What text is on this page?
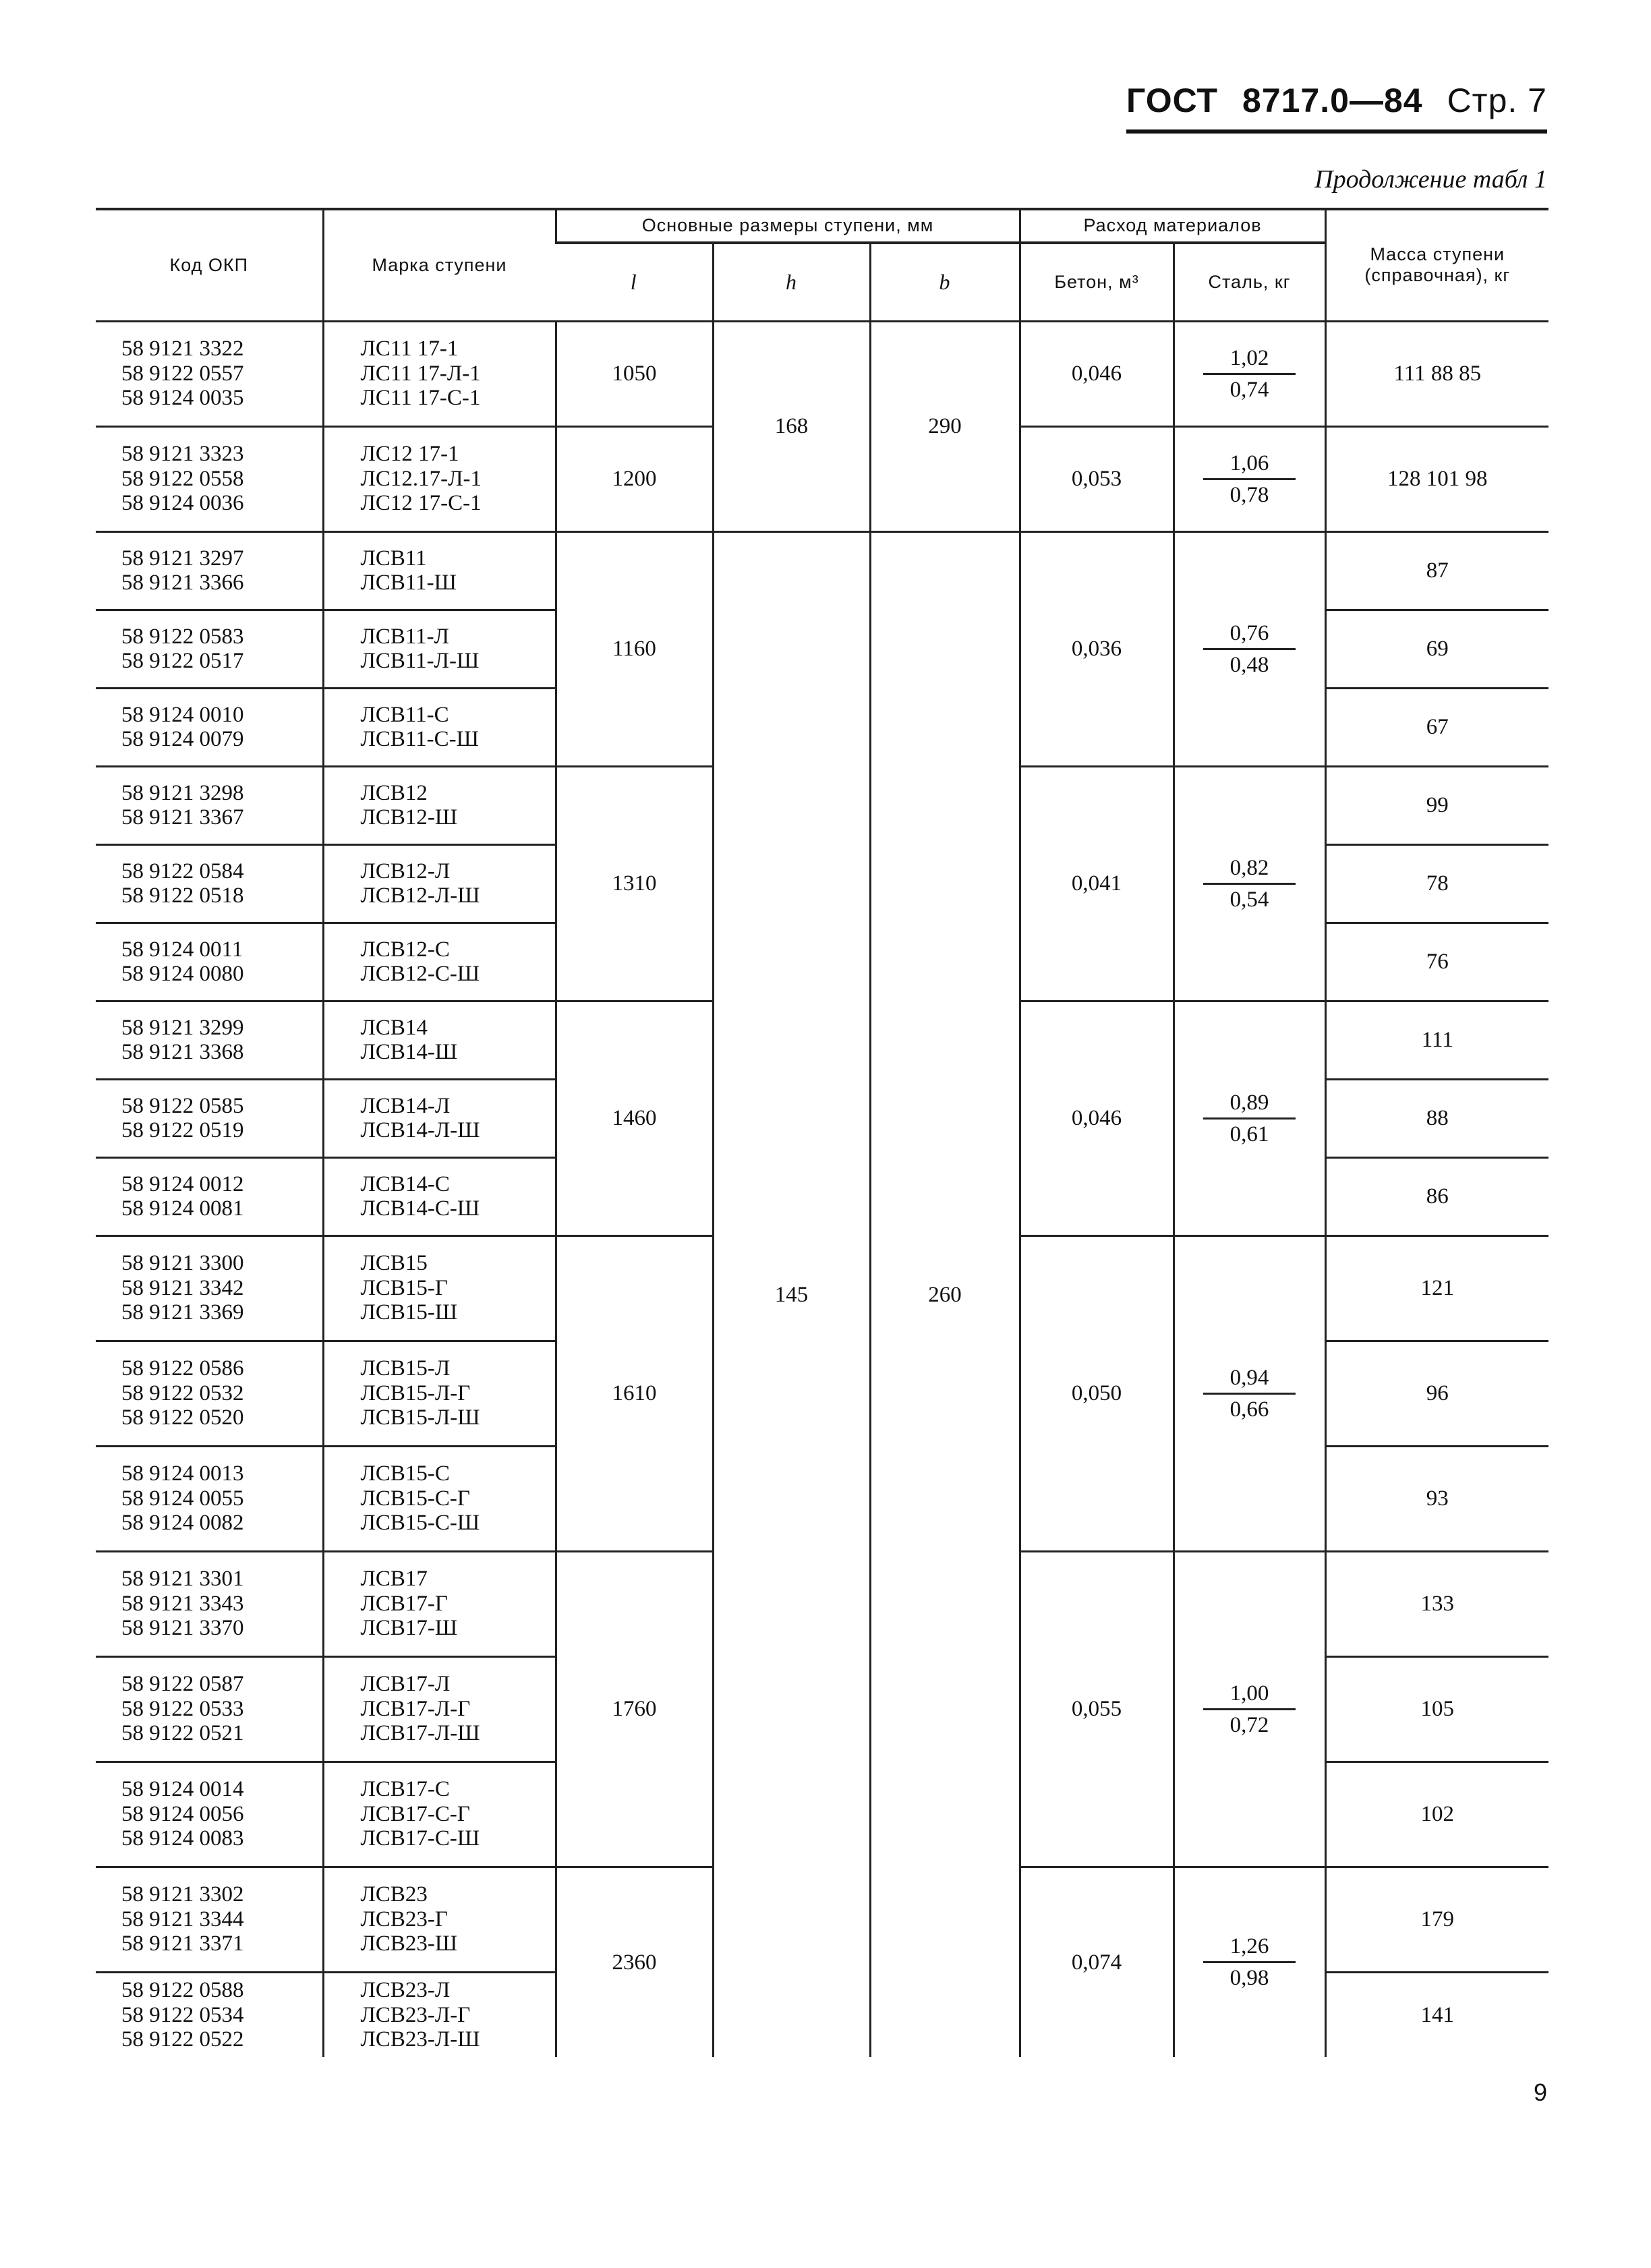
ГОСТ 8717.0—84 Стр. 7
Продолжение табл 1
Код ОКП	Марка ступени	Основные размеры ступени, мм			Расход материалов		Масса ступени (справочная), кг
		l	h	b	Бетон, м³	Сталь, кг	
58 9121 3322
58 9122 0557
58 9124 0035	ЛС11 17-1
ЛС11 17-Л-1
ЛС11 17-С-1	1050	168	290	0,046	$\frac{1,02}{0,74}$	111 88 85
58 9121 3323
58 9122 0558
58 9124 0036	ЛС12 17-1
ЛС12.17-Л-1
ЛС12 17-С-1	1200			0,053	$\frac{1,06}{0,78}$	128 101 98
58 9121 3297
58 9121 3366	ЛСВ11
ЛСВ11-Ш	1160	145	260	0,036	$\frac{0,76}{0,48}$	87
58 9122 0583
58 9122 0517	ЛСВ11-Л
ЛСВ11-Л-Ш						69
58 9124 0010
58 9124 0079	ЛСВ11-С
ЛСВ11-С-Ш						67
58 9121 3298
58 9121 3367	ЛСВ12
ЛСВ12-Ш	1310			0,041	$\frac{0,82}{0,54}$	99
58 9122 0584
58 9122 0518	ЛСВ12-Л
ЛСВ12-Л-Ш						78
58 9124 0011
58 9124 0080	ЛСВ12-С
ЛСВ12-С-Ш						76
58 9121 3299
58 9121 3368	ЛСВ14
ЛСВ14-Ш	1460			0,046	$\frac{0,89}{0,61}$	111
58 9122 0585
58 9122 0519	ЛСВ14-Л
ЛСВ14-Л-Ш						88
58 9124 0012
58 9124 0081	ЛСВ14-С
ЛСВ14-С-Ш						86
58 9121 3300
58 9121 3342
58 9121 3369	ЛСВ15
ЛСВ15-Г
ЛСВ15-Ш	1610			0,050	$\frac{0,94}{0,66}$	121
58 9122 0586
58 9122 0532
58 9122 0520	ЛСВ15-Л
ЛСВ15-Л-Г
ЛСВ15-Л-Ш						96
58 9124 0013
58 9124 0055
58 9124 0082	ЛСВ15-С
ЛСВ15-С-Г
ЛСВ15-С-Ш						93
58 9121 3301
58 9121 3343
58 9121 3370	ЛСВ17
ЛСВ17-Г
ЛСВ17-Ш	1760			0,055	$\frac{1,00}{0,72}$	133
58 9122 0587
58 9122 0533
58 9122 0521	ЛСВ17-Л
ЛСВ17-Л-Г
ЛСВ17-Л-Ш						105
58 9124 0014
58 9124 0056
58 9124 0083	ЛСВ17-С
ЛСВ17-С-Г
ЛСВ17-С-Ш						102
58 9121 3302
58 9121 3344
58 9121 3371	ЛСВ23
ЛСВ23-Г
ЛСВ23-Ш	2360			0,074	$\frac{1,26}{0,98}$	179
58 9122 0588
58 9122 0534
58 9122 0522	ЛСВ23-Л
ЛСВ23-Л-Г
ЛСВ23-Л-Ш						141
9
